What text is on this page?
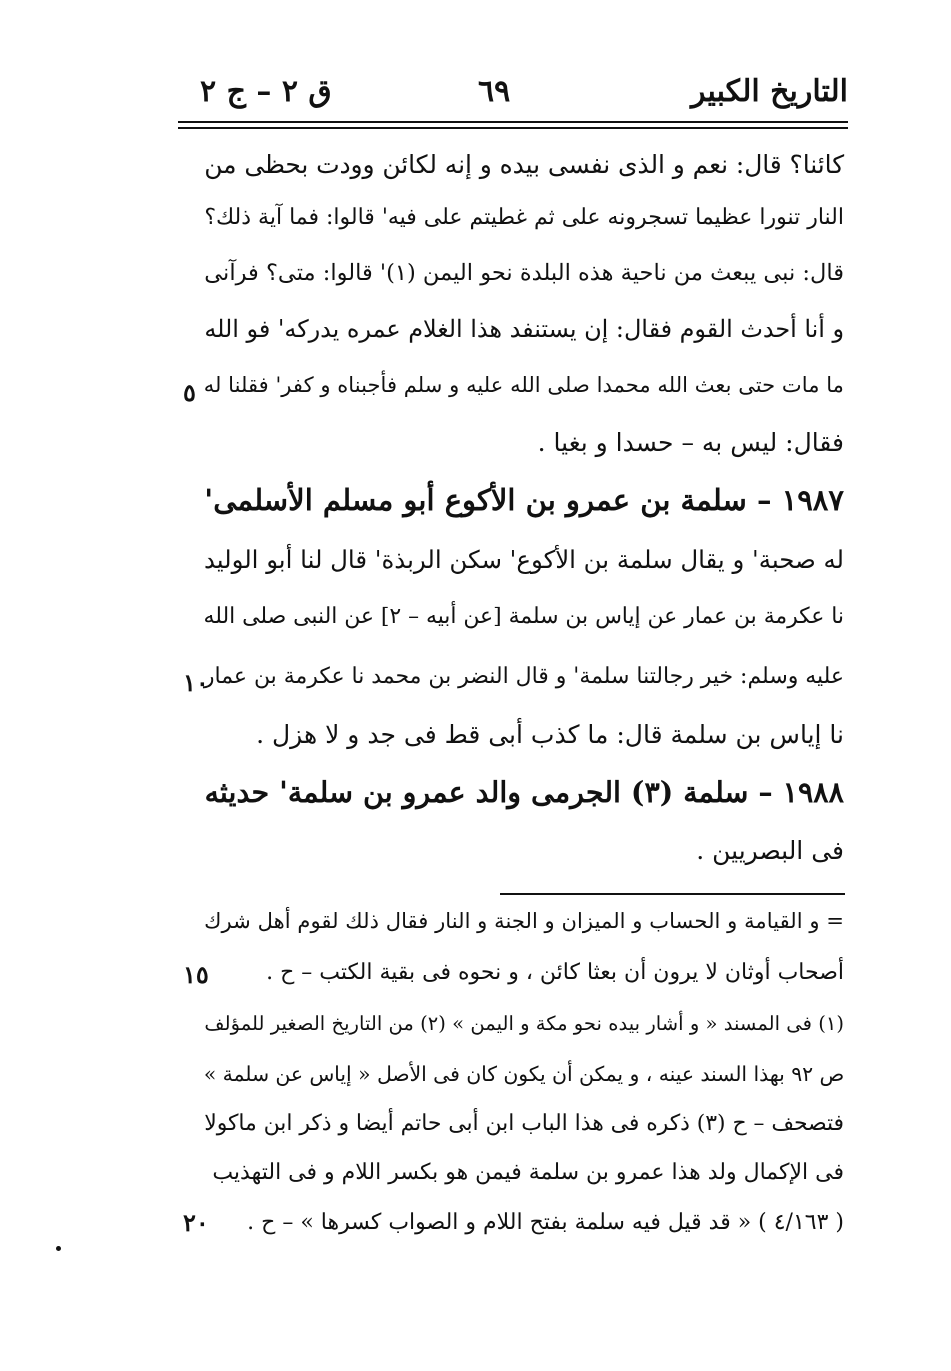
التاريخ الكبير
٦٩
ق ٢ – ج ٢
كائنا؟ قال: نعم و الذى نفسى بيده و إنه لكائن وودت بحظى من
النار تنورا عظيما تسجرونه على ثم غطيتم على فيه' قالوا: فما آية ذلك؟
قال: نبى يبعث من ناحية هذه البلدة نحو اليمن (١)' قالوا: متى؟ فرآنى
و أنا أحدث القوم فقال: إن يستنفد هذا الغلام عمره يدركه' فو الله
ما مات حتى بعث الله محمدا صلى الله عليه و سلم فأجبناه و كفر' فقلنا له
فقال: ليس به – حسدا و بغيا .
١٩٨٧ – سلمة بن عمرو بن الأكوع أبو مسلم الأسلمى'
له صحبة' و يقال سلمة بن الأكوع' سكن الربذة' قال لنا أبو الوليد
نا عكرمة بن عمار عن إياس بن سلمة [عن أبيه – ٢] عن النبى صلى الله
عليه وسلم: خير رجالتنا سلمة' و قال النضر بن محمد نا عكرمة بن عمار
نا إياس بن سلمة قال: ما كذب أبى قط فى جد و لا هزل .
١٩٨٨ – سلمة (٣) الجرمى والد عمرو بن سلمة' حديثه
فى البصريين .
= و القيامة و الحساب و الميزان و الجنة و النار فقال ذلك لقوم أهل شرك
أصحاب أوثان لا يرون أن بعثا كائن ، و نحوه فى بقية الكتب – ح .
(١) فى المسند « و أشار بيده نحو مكة و اليمن » (٢) من التاريخ الصغير للمؤلف
ص ٩٢ بهذا السند عينه ، و يمكن أن يكون كان فى الأصل « إياس عن سلمة »
فتصحف – ح (٣) ذكره فى هذا الباب ابن أبى حاتم أيضا و ذكر ابن ماكولا
فى الإكمال ولد هذا عمرو بن سلمة فيمن هو بكسر اللام و فى التهذيب
( ٤/١٦٣ ) « قد قيل فيه سلمة بفتح اللام و الصواب كسرها » – ح .
٥
١٠
١٥
٢٠
